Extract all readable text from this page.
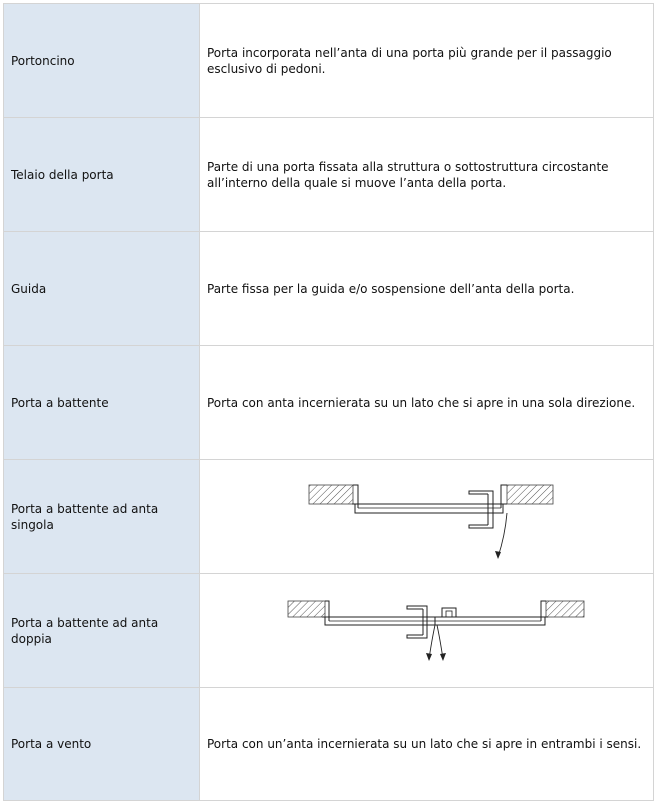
Portoncino	Porta incorporata nell’anta di una porta più grande per il passaggio esclusivo di pedoni.
Telaio della porta	Parte di una porta fissata alla struttura o sottostruttura circostante all’interno della quale si muove l’anta della porta.
Guida	Parte fissa per la guida e/o sospensione dell’anta della porta.
Porta a battente	Porta con anta incernierata su un lato che si apre in una sola direzione.
Porta a battente ad anta singola	

Porta a battente ad anta doppia	

Porta a vento	Porta con un’anta incernierata su un lato che si apre in entrambi i sensi.
